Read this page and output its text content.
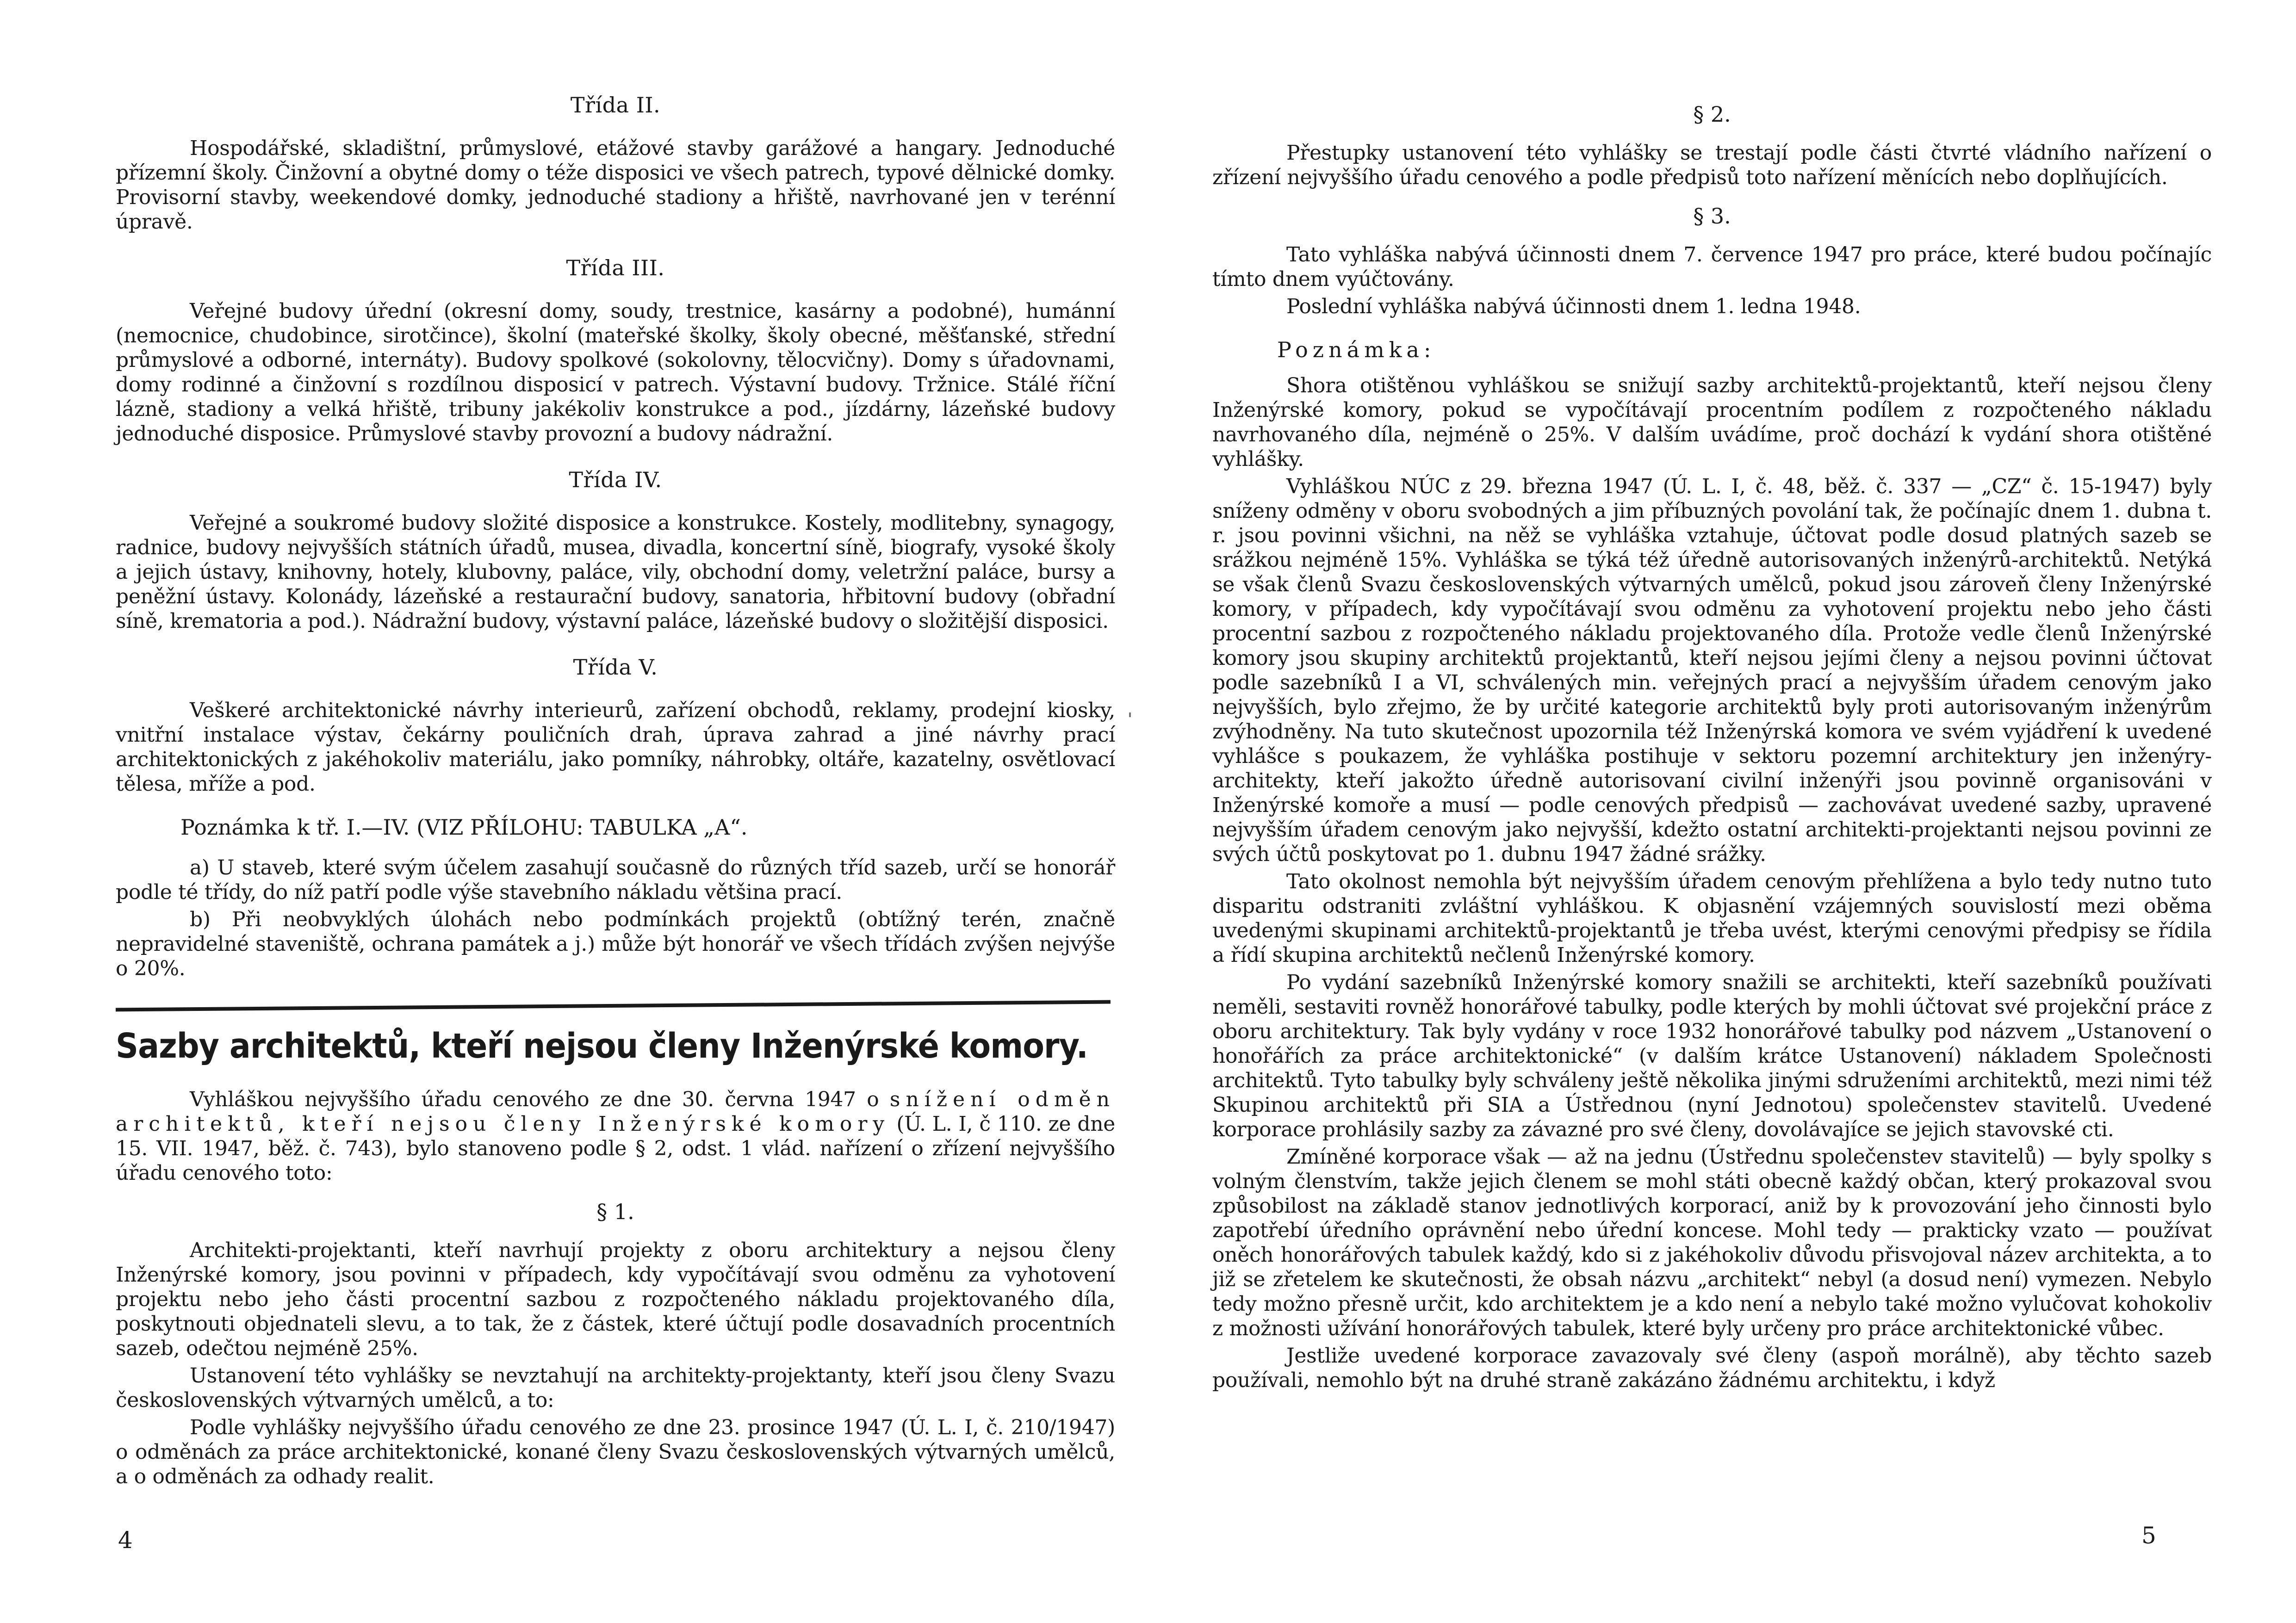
Třída II.

Hospodářské, skladištní, průmyslové, etážové stavby garážové a hangary. Jednoduché přízemní školy. Činžovní a obytné domy o téže disposici ve všech patrech, typové dělnické domky. Provisorní stavby, weekendové domky, jednoduché stadiony a hřiště, navrhované jen v terénní úpravě.

Třída III.

Veřejné budovy úřední (okresní domy, soudy, trestnice, kasárny a podobné), humánní (nemocnice, chudobince, sirotčince), školní (mateřské školky, školy obecné, měšťanské, střední průmyslové a odborné, internáty). Budovy spolkové (sokolovny, tělocvičny). Domy s úřadovnami, domy rodinné a činžovní s rozdílnou disposicí v patrech. Výstavní budovy. Tržnice. Stálé říční lázně, stadiony a velká hřiště, tribuny jakékoliv konstrukce a pod., jízdárny, lázeňské budovy jednoduché disposice. Průmyslové stavby provozní a budovy nádražní.

Třída IV.

Veřejné a soukromé budovy složité disposice a konstrukce. Kostely, modlitebny, synagogy, radnice, budovy nejvyšších státních úřadů, musea, divadla, koncertní síně, biografy, vysoké školy a jejich ústavy, knihovny, hotely, klubovny, paláce, vily, obchodní domy, veletržní paláce, bursy a peněžní ústavy. Kolonády, lázeňské a restaurační budovy, sanatoria, hřbitovní budovy (obřadní síně, krematoria a pod.). Nádražní budovy, výstavní paláce, lázeňské budovy o složitější disposici.

Třída V.

Veškeré architektonické návrhy interieurů, zařízení obchodů, reklamy, prodejní kiosky, vnitřní instalace výstav, čekárny pouličních drah, úprava zahrad a jiné návrhy prací architektonických z jakéhokoliv materiálu, jako pomníky, náhrobky, oltáře, kazatelny, osvětlovací tělesa, mříže a pod.

Poznámka k tř. I.—IV. (VIZ PŘÍLOHU: TABULKA „A“.

a) U staveb, které svým účelem zasahují současně do různých tříd sazeb, určí se honorář podle té třídy, do níž patří podle výše stavebního nákladu většina prací.

b) Při neobvyklých úlohách nebo podmínkách projektů (obtížný terén, značně nepravidelné staveniště, ochrana památek a j.) může být honorář ve všech třídách zvýšen nejvýše o 20%.

Sazby architektů, kteří nejsou členy Inženýrské komory.

Vyhláškou nejvyššího úřadu cenového ze dne 30. června 1947 o snížení odměn architektů, kteří nejsou členy Inženýrské komory (Ú. L. I, č 110. ze dne 15. VII. 1947, běž. č. 743), bylo stanoveno podle § 2, odst. 1 vlád. nařízení o zřízení nejvyššího úřadu cenového toto:

§ 1.

Architekti-projektanti, kteří navrhují projekty z oboru architektury a nejsou členy Inženýrské komory, jsou povinni v případech, kdy vypočítávají svou odměnu za vyhotovení projektu nebo jeho části procentní sazbou z rozpočteného nákladu projektovaného díla, poskytnouti objednateli slevu, a to tak, že z částek, které účtují podle dosavadních procentních sazeb, odečtou nejméně 25%.

Ustanovení této vyhlášky se nevztahují na architekty-projektanty, kteří jsou členy Svazu československých výtvarných umělců, a to:

Podle vyhlášky nejvyššího úřadu cenového ze dne 23. prosince 1947 (Ú. L. I, č. 210/1947) o odměnách za práce architektonické, konané členy Svazu československých výtvarných umělců, a o odměnách za odhady realit.

4
§ 2.

Přestupky ustanovení této vyhlášky se trestají podle části čtvrté vládního nařízení o zřízení nejvyššího úřadu cenového a podle předpisů toto nařízení měnících nebo doplňujících.

§ 3.

Tato vyhláška nabývá účinnosti dnem 7. července 1947 pro práce, které budou počínajíc tímto dnem vyúčtovány.

Poslední vyhláška nabývá účinnosti dnem 1. ledna 1948.

Poznámka:

Shora otištěnou vyhláškou se snižují sazby architektů-projektantů, kteří nejsou členy Inženýrské komory, pokud se vypočítávají procentním podílem z rozpočteného nákladu navrhovaného díla, nejméně o 25%. V dalším uvádíme, proč dochází k vydání shora otištěné vyhlášky.

Vyhláškou NÚC z 29. března 1947 (Ú. L. I, č. 48, běž. č. 337 — „CZ“ č. 15-1947) byly sníženy odměny v oboru svobodných a jim příbuzných povolání tak, že počínajíc dnem 1. dubna t. r. jsou povinni všichni, na něž se vyhláška vztahuje, účtovat podle dosud platných sazeb se srážkou nejméně 15%. Vyhláška se týká též úředně autorisovaných inženýrů-architektů. Netýká se však členů Svazu československých výtvarných umělců, pokud jsou zároveň členy Inženýrské komory, v případech, kdy vypočítávají svou odměnu za vyhotovení projektu nebo jeho části procentní sazbou z rozpočteného nákladu projektovaného díla. Protože vedle členů Inženýrské komory jsou skupiny architektů projektantů, kteří nejsou jejími členy a nejsou povinni účtovat podle sazebníků I a VI, schválených min. veřejných prací a nejvyšším úřadem cenovým jako nejvyšších, bylo zřejmo, že by určité kategorie architektů byly proti autorisovaným inženýrům zvýhodněny. Na tuto skutečnost upozornila též Inženýrská komora ve svém vyjádření k uvedené vyhlášce s poukazem, že vyhláška postihuje v sektoru pozemní architektury jen inženýry-architekty, kteří jakožto úředně autorisovaní civilní inženýři jsou povinně organisováni v Inženýrské komoře a musí — podle cenových předpisů — zachovávat uvedené sazby, upravené nejvyšším úřadem cenovým jako nejvyšší, kdežto ostatní architekti-projektanti nejsou povinni ze svých účtů poskytovat po 1. dubnu 1947 žádné srážky.

Tato okolnost nemohla být nejvyšším úřadem cenovým přehlížena a bylo tedy nutno tuto disparitu odstraniti zvláštní vyhláškou. K objasnění vzájemných souvislostí mezi oběma uvedenými skupinami architektů-projektantů je třeba uvést, kterými cenovými předpisy se řídila a řídí skupina architektů nečlenů Inženýrské komory.

Po vydání sazebníků Inženýrské komory snažili se architekti, kteří sazebníků používati neměli, sestaviti rovněž honorářové tabulky, podle kterých by mohli účtovat své projekční práce z oboru architektury. Tak byly vydány v roce 1932 honorářové tabulky pod názvem „Ustanovení o honořářích za práce architektonické“ (v dalším krátce Ustanovení) nákladem Společnosti architektů. Tyto tabulky byly schváleny ještě několika jinými sdruženími architektů, mezi nimi též Skupinou architektů při SIA a Ústřednou (nyní Jednotou) společenstev stavitelů. Uvedené korporace prohlásily sazby za závazné pro své členy, dovolávajíce se jejich stavovské cti.

Zmíněné korporace však — až na jednu (Ústřednu společenstev stavitelů) — byly spolky s volným členstvím, takže jejich členem se mohl státi obecně každý občan, který prokazoval svou způsobilost na základě stanov jednotlivých korporací, aniž by k provozování jeho činnosti bylo zapotřebí úředního oprávnění nebo úřední koncese. Mohl tedy — prakticky vzato — používat oněch honorářových tabulek každý, kdo si z jakéhokoliv důvodu přisvojoval název architekta, a to již se zřetelem ke skutečnosti, že obsah názvu „architekt“ nebyl (a dosud není) vymezen. Nebylo tedy možno přesně určit, kdo architektem je a kdo není a nebylo také možno vylučovat kohokoliv z možnosti užívání honorářových tabulek, které byly určeny pro práce architektonické vůbec.

Jestliže uvedené korporace zavazovaly své členy (aspoň morálně), aby těchto sazeb používali, nemohlo být na druhé straně zakázáno žádnému architektu, i když

5
